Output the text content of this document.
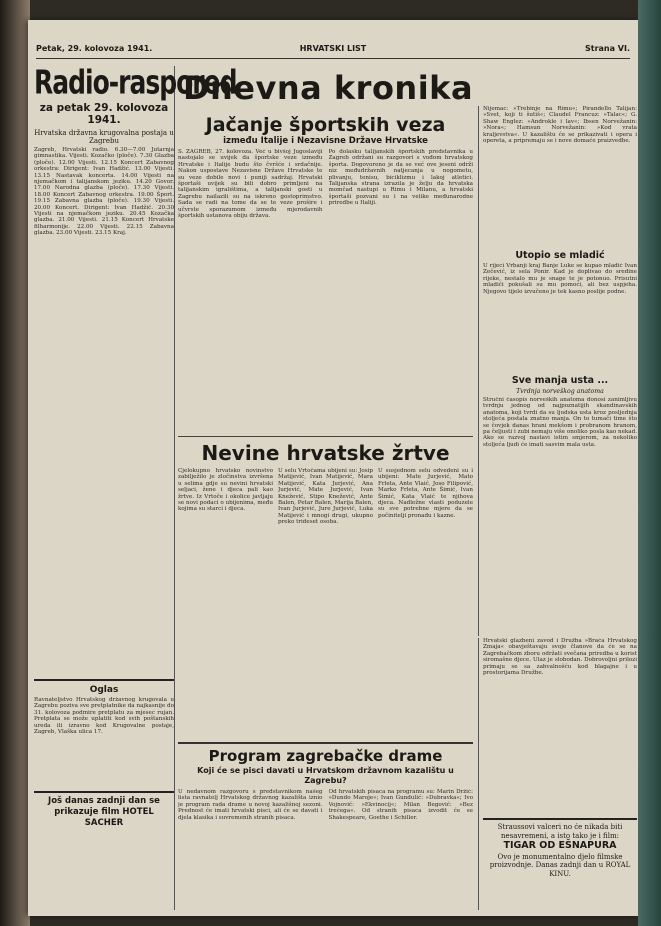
Petak, 29. kolovoza 1941.	HRVATSKI LIST	Strana VI.
Radio-raspored
za petak 29. kolovoza 1941.
Hrvatska državna krugovalna postaja u Zagrebu

Zagreb, Hrvatski radio. 6.30—7.00 Jutarnja gimnastika. Vijesti. Kozačko (ploče). 7.30 Glazba (ploče). 12.00 Vijesti. 12.15 Koncert Zabavnog orkestra: Dirigent: Ivan Hadžić. 13.00 Vijesti. 13.15 Nastavak koncerta. 14.00 Vijesti na njemačkom i talijanskom jeziku. 14.20 Govor. 17.00 Narodna glazba (ploče). 17.30 Vijesti. 18.00 Koncert Zabavnog orkestra. 19.00 Šport. 19.15 Zabavna glazba (ploče). 19.30 Vijesti. 20.00 Koncert. Dirigent: Ivan Hadžić. 20.30 Vijesti na njemačkom jeziku. 20.45 Kozačka glazba. 21.00 Vijesti. 21.15 Koncert Hrvatske filharmonije. 22.00 Vijesti. 22.15 Zabavna glazba. 23.00 Vijesti. 23.15 Kraj.

Oglas

Ravnateljstvo Hrvatskog državnog krugovala u Zagrebu poziva sve pretplatnike da najkasnije do 31. kolovoza podmire pretplatu za mjesec rujan. Pretplata se može uplatiti kod svih poštanskih ureda ili izravno kod Krugovalne postaje, Zagreb, Vlaška ulica 17.

Još danas zadnji dan se prikazuje film HOTEL SACHER
Dnevna kronika
Jačanje športskih veza
između Italije i Nezavisne Države Hrvatske

S. ZAGREB, 27. kolovoza. Već u bivšoj Jugoslaviji nastojalo se uvijek da športske veze između Hrvatske i Italije budu što čvršće i srdačnije. Nakon uspostave Nezavisne Države Hrvatske te su veze dobile novi i puniji sadržaj. Hrvatski športaši uvijek su bili dobro primljeni na talijanskim igralištima, a talijanski gosti u Zagrebu nailazili su na iskreno gostoprimstvo. Sada se radi na tome da se te veze prošire i učvrste sporazumom između mjerodavnih športskih ustanova obiju država.

Po dolasku talijanskih športskih predstavnika u Zagreb održani su razgovori s vođom hrvatskog športa. Dogovoreno je da se već ove jeseni održi niz međudržavnih natjecanja u nogometu, plivanju, tenisu, biciklizmu i lakoj atletici. Talijanska strana izrazila je želju da hrvatska momčad nastupi u Rimu i Milanu, a hrvatski športaši pozvani su i na velike međunarodne priredbe u Italiji.

Nijemac: »Trebinje na Rimu«; Pirandello Talijan: »Svet, koji ti šutiš«; Claudel Francuz: »Talac«; G. Shaw Englez: »Androkle i lav«; Ibsen Norvežanin: »Nora«; Hamsun Norvežanin: »Kod vrata kraljevstva«. U kazalištu će se prikazivati i opera i opereta, a pripremaju se i nove domaće praizvedbe.

Utopio se mladić

U rijeci Vrbanji kraj Banje Luke se kupao mladić Ivan Zečević, iz sela Ponir. Kad je doplivao do sredine rijeke, nestalo mu je snage te je potonuo. Prisutni mladići pokušali su mu pomoći, ali bez uspjeha. Njegovo tijelo izvučeno je tek kasno poslije podne.

Sve manja usta ...
Tvrdnja norveškog anatoma

Stručni časopis norveških anatoma donosi zanimljivu tvrdnju jednog od najpoznatijih skandinavskih anatoma, koji tvrdi da su ljudska usta kroz posljednja stoljeća postala znatno manja. On to tumači time što se čovjek danas hrani mekšom i probranom hranom, pa čeljusti i zubi nemaju više onoliko posla kao nekad. Ako se razvoj nastavi istim smjerom, za nekoliko stoljeća ljudi će imati sasvim mala usta.

Nevine hrvatske žrtve

Cjelokupno hrvatsko novinstvo zabilježilo je zločinstva izvršena u selima gdje su nevini hrvatski seljaci, žene i djeca pali kao žrtve. Iz Vrtoče i okolice javljaju se novi podaci o ubijenima, među kojima su starci i djeca.

U selu Vrtočama ubijeni su: Josip Matijević, Ivan Matijević, Mara Matijević, Kata Jurjević, Ana Jurjević, Mate Jurjević, Ivan Knežević, Stipo Knežević, Ante Balen, Petar Balen, Marija Balen, Ivan Jurjević, Jure Jurjević, Luka Matijević i mnogi drugi, ukupno preko trideset osoba.

U susjednom selu odvedeni su i ubijeni: Mate Jurjević, Mato Frleta, Ante Vlaić, Joso Filipović, Marko Frleta, Ante Šimić, Ivan Šimić, Kata Vlaić te njihova djeca. Nadležne vlasti poduzele su sve potrebne mjere da se počinitelji pronađu i kazne.

Program zagrebačke drame
Koji će se pisci davati u Hrvatskom državnom kazalištu u Zagrebu?

U nedavnom razgovoru s predstavnikom našeg lista ravnatelj Hrvatskog državnog kazališta iznio je program rada drame u novoj kazališnoj sezoni. Prednost će imati hrvatski pisci, ali će se davati i djela klasika i suvremenih stranih pisaca.

Od hrvatskih pisaca na programu su: Marin Držić: »Dundo Maroje«; Ivan Gundulić: »Dubravka«; Ivo Vojnović: »Ekvinocij«; Milan Begović: »Bez trećega«. Od stranih pisaca izvodit će se Shakespeare, Goethe i Schiller.

Hrvatski glazbeni zavod i Družba »Braća Hrvatskog Zmaja« obavještavaju svoje članove da će se na Zagrebačkom zboru održati svečana priredba u korist siromašne djece. Ulaz je slobodan. Dobrovoljni prilozi primaju se sa zahvalnošću kod blagajne i u prostorijama Družbe.

Straussovi valceri no će nikada biti nesavremeni, a isto tako je i film:
TIGAR OD EŠNAPURA
Ovo je monumentalno djelo filmske proizvodnje. Danas zadnji dan u ROYAL KINU.
